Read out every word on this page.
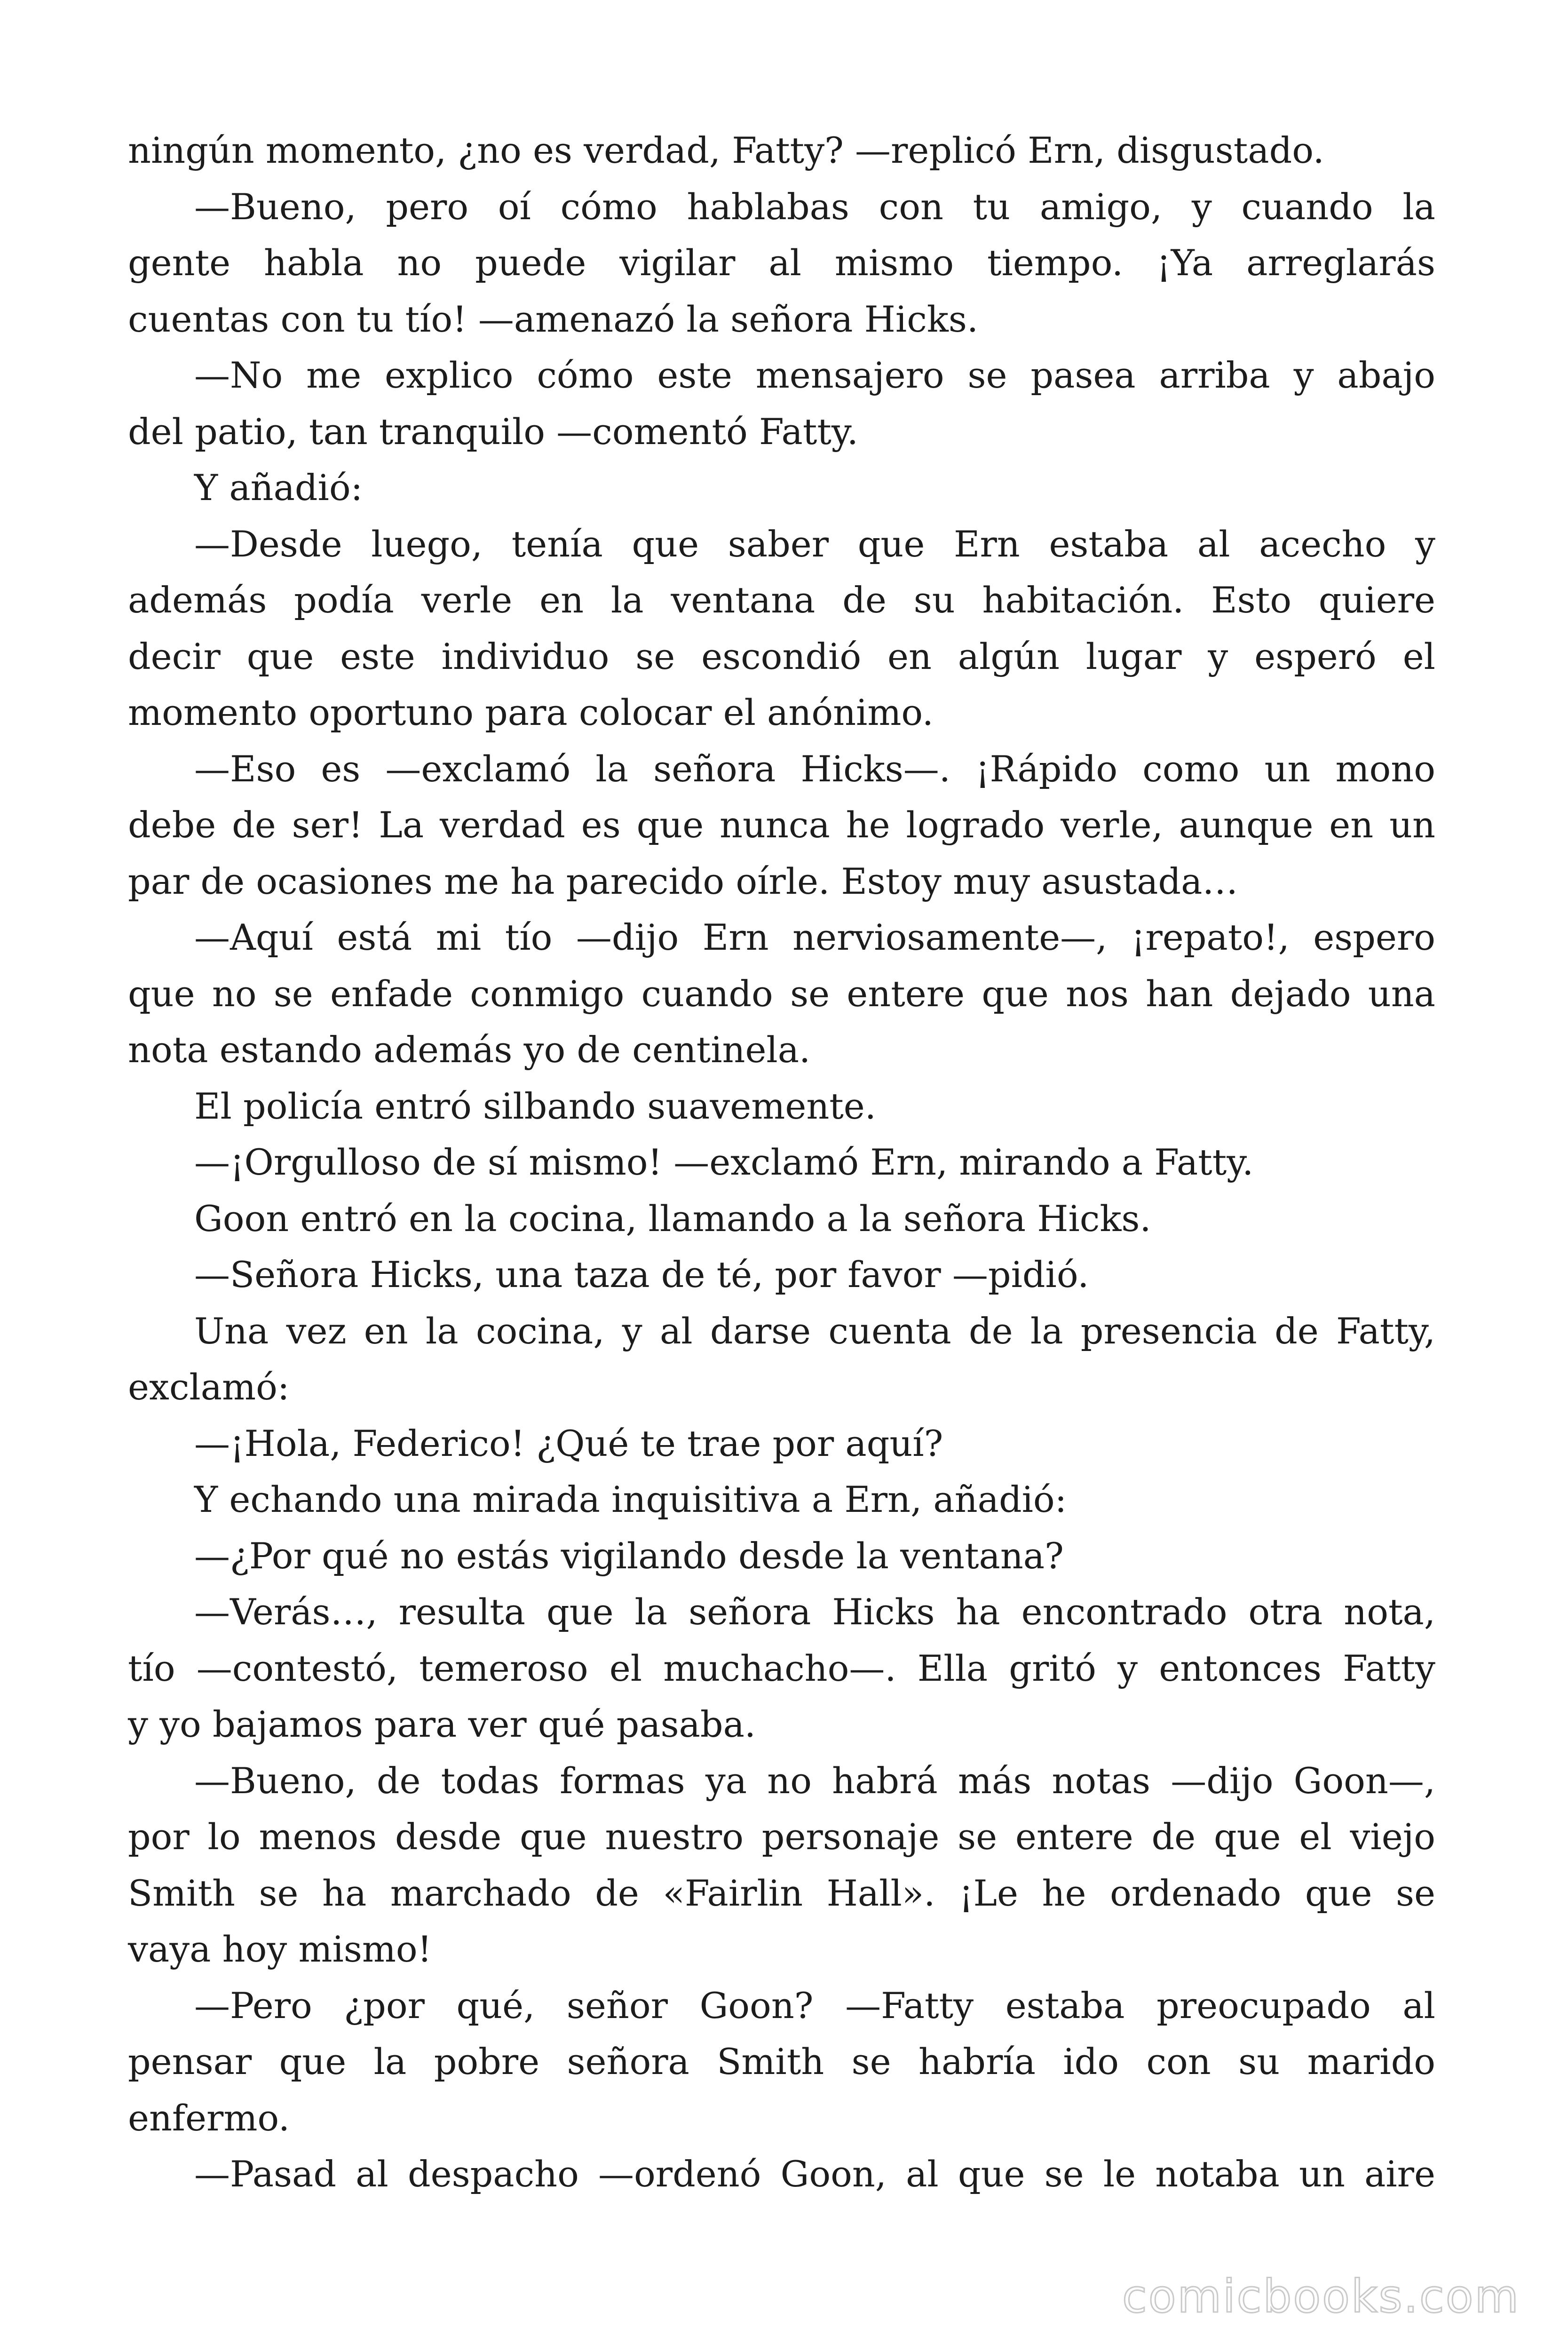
ningún momento, ¿no es verdad, Fatty? —replicó Ern, disgustado.
—Bueno, pero oí cómo hablabas con tu amigo, y cuando la
gente habla no puede vigilar al mismo tiempo. ¡Ya arreglarás
cuentas con tu tío! —amenazó la señora Hicks.
—No me explico cómo este mensajero se pasea arriba y abajo
del patio, tan tranquilo —comentó Fatty.
Y añadió:
—Desde luego, tenía que saber que Ern estaba al acecho y
además podía verle en la ventana de su habitación. Esto quiere
decir que este individuo se escondió en algún lugar y esperó el
momento oportuno para colocar el anónimo.
—Eso es —exclamó la señora Hicks—. ¡Rápido como un mono
debe de ser! La verdad es que nunca he logrado verle, aunque en un
par de ocasiones me ha parecido oírle. Estoy muy asustada…
—Aquí está mi tío —dijo Ern nerviosamente—, ¡repato!, espero
que no se enfade conmigo cuando se entere que nos han dejado una
nota estando además yo de centinela.
El policía entró silbando suavemente.
—¡Orgulloso de sí mismo! —exclamó Ern, mirando a Fatty.
Goon entró en la cocina, llamando a la señora Hicks.
—Señora Hicks, una taza de té, por favor —pidió.
Una vez en la cocina, y al darse cuenta de la presencia de Fatty,
exclamó:
—¡Hola, Federico! ¿Qué te trae por aquí?
Y echando una mirada inquisitiva a Ern, añadió:
—¿Por qué no estás vigilando desde la ventana?
—Verás…, resulta que la señora Hicks ha encontrado otra nota,
tío —contestó, temeroso el muchacho—. Ella gritó y entonces Fatty
y yo bajamos para ver qué pasaba.
—Bueno, de todas formas ya no habrá más notas —dijo Goon—,
por lo menos desde que nuestro personaje se entere de que el viejo
Smith se ha marchado de «Fairlin Hall». ¡Le he ordenado que se
vaya hoy mismo!
—Pero ¿por qué, señor Goon? —Fatty estaba preocupado al
pensar que la pobre señora Smith se habría ido con su marido
enfermo.
—Pasad al despacho —ordenó Goon, al que se le notaba un aire
comicbooks.com
